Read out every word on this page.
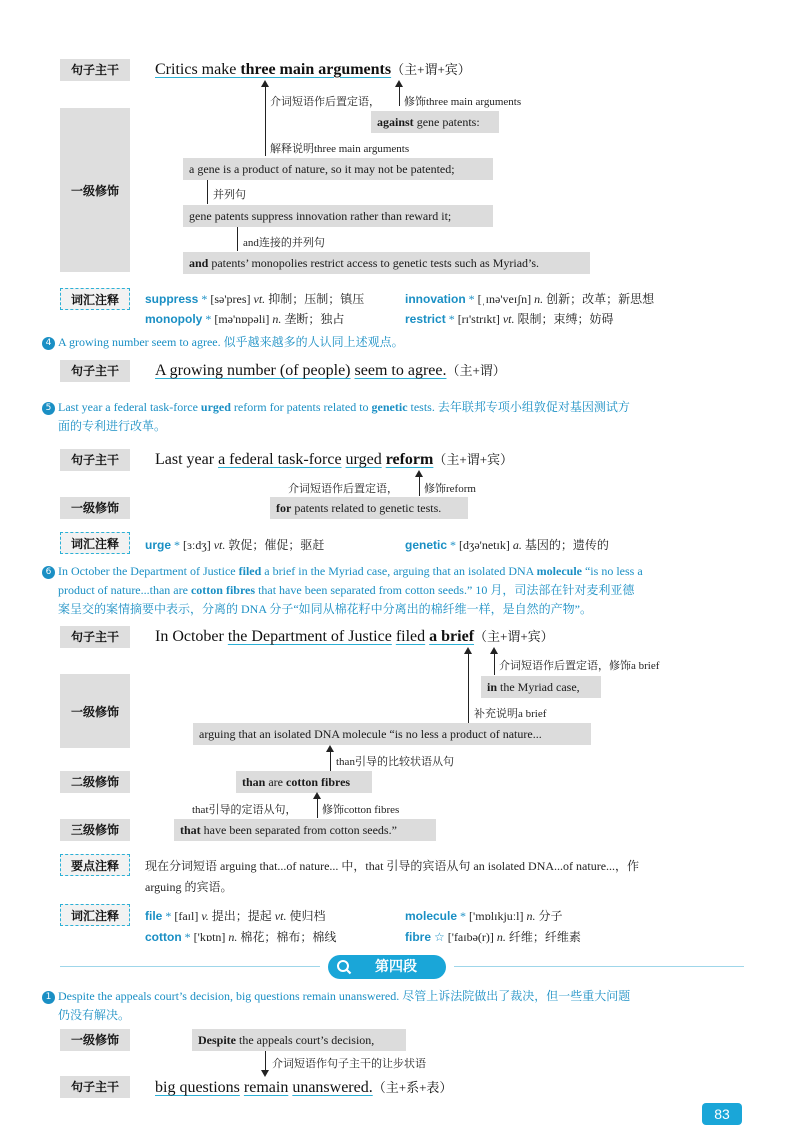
句子主干	Critics make three main arguments（主+谓+宾）
一级修饰
介词短语作后置定语， 修饰three main arguments
against gene patents:
解释说明three main arguments
a gene is a product of nature, so it may not be patented;
并列句
gene patents suppress innovation rather than reward it;
and连接的并列句
and patents’ monopolies restrict access to genetic tests such as Myriad’s.
词汇注释	suppress * [sə'pres] vt. 抑制；压制；镇压	innovation * [ˌɪnə'veɪʃn] n. 创新；改革；新思想
monopoly * [mə'nɒpəli] n. 垄断；独占	restrict * [rɪ'strɪkt] vt. 限制；束缚；妨碍
4 A growing number seem to agree. 似乎越来越多的人认同上述观点。
句子主干	A growing number (of people) seem to agree.（主+谓）
5 Last year a federal task-force urged reform for patents related to genetic tests. 去年联邦专项小组敦促对基因测试方
面的专利进行改革。
句子主干	Last year a federal task-force urged reform（主+谓+宾）
介词短语作后置定语， 修饰reform
一级修饰	for patents related to genetic tests.
词汇注释	urge * [ɜːdʒ] vt. 敦促；催促；驱赶	genetic * [dʒə'netɪk] a. 基因的；遗传的
6 In October the Department of Justice filed a brief in the Myriad case, arguing that an isolated DNA molecule “is no less a
product of nature...than are cotton fibres that have been separated from cotton seeds.” 10 月，司法部在针对麦利亚德
案呈交的案情摘要中表示，分离的 DNA 分子“如同从棉花籽中分离出的棉纤维一样，是自然的产物”。
句子主干	In October the Department of Justice filed a brief（主+谓+宾）
介词短语作后置定语，修饰a brief
一级修饰
in the Myriad case,
补充说明a brief
arguing that an isolated DNA molecule “is no less a product of nature...
than引导的比较状语从句
二级修饰	than are cotton fibres
that引导的定语从句， 修饰cotton fibres
三级修饰	that have been separated from cotton seeds.”
要点注释	现在分词短语 arguing that...of nature... 中，that 引导的宾语从句 an isolated DNA...of nature...，作
arguing 的宾语。
词汇注释	file * [faɪl] v. 提出；提起 vt. 使归档	molecule * ['mɒlɪkjuːl] n. 分子
cotton * ['kɒtn] n. 棉花；棉布；棉线	fibre ☆ ['faɪbə(r)] n. 纤维；纤维素
第四段
1 Despite the appeals court’s decision, big questions remain unanswered. 尽管上诉法院做出了裁决，但一些重大问题
仍没有解决。
一级修饰	Despite the appeals court’s decision,
介词短语作句子主干的让步状语
句子主干	big questions remain unanswered.（主+系+表）
83
